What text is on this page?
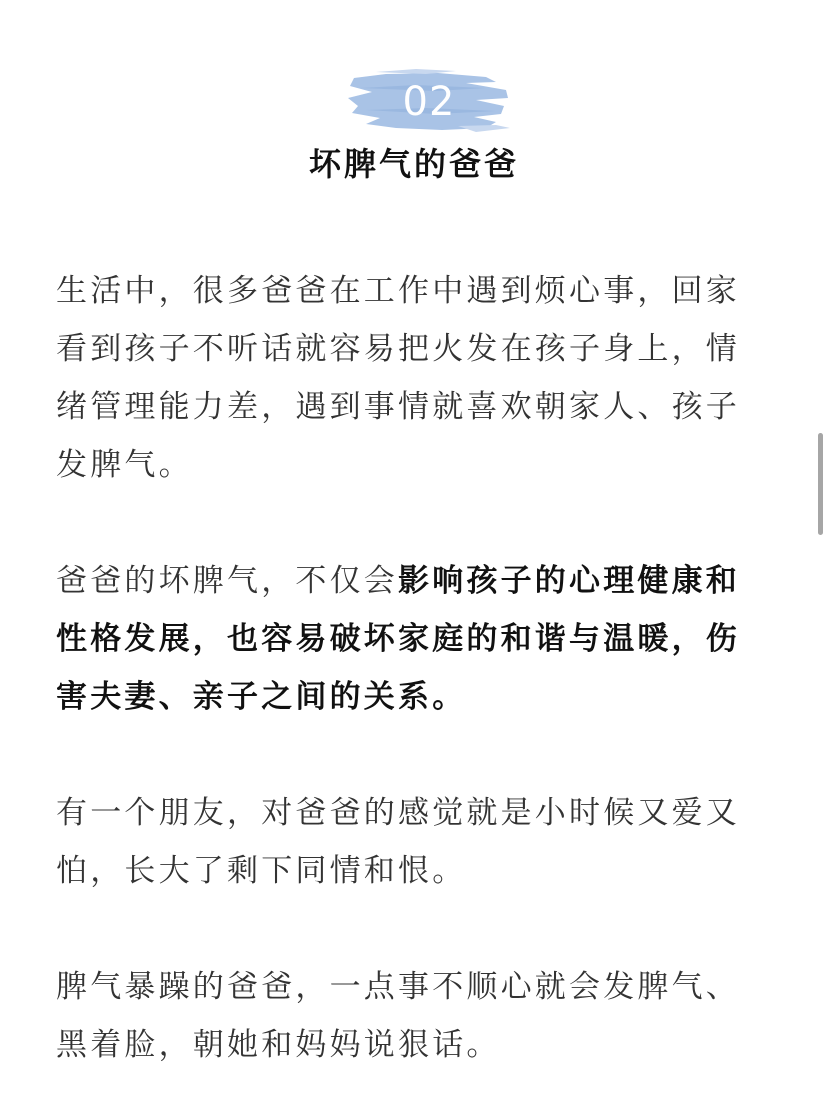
02
坏脾气的爸爸

生活中，很多爸爸在工作中遇到烦心事，回家看到孩子不听话就容易把火发在孩子身上，情绪管理能力差，遇到事情就喜欢朝家人、孩子发脾气。

爸爸的坏脾气，不仅会影响孩子的心理健康和性格发展，也容易破坏家庭的和谐与温暖，伤害夫妻、亲子之间的关系。

有一个朋友，对爸爸的感觉就是小时候又爱又怕，长大了剩下同情和恨。

脾气暴躁的爸爸，一点事不顺心就会发脾气、黑着脸，朝她和妈妈说狠话。
